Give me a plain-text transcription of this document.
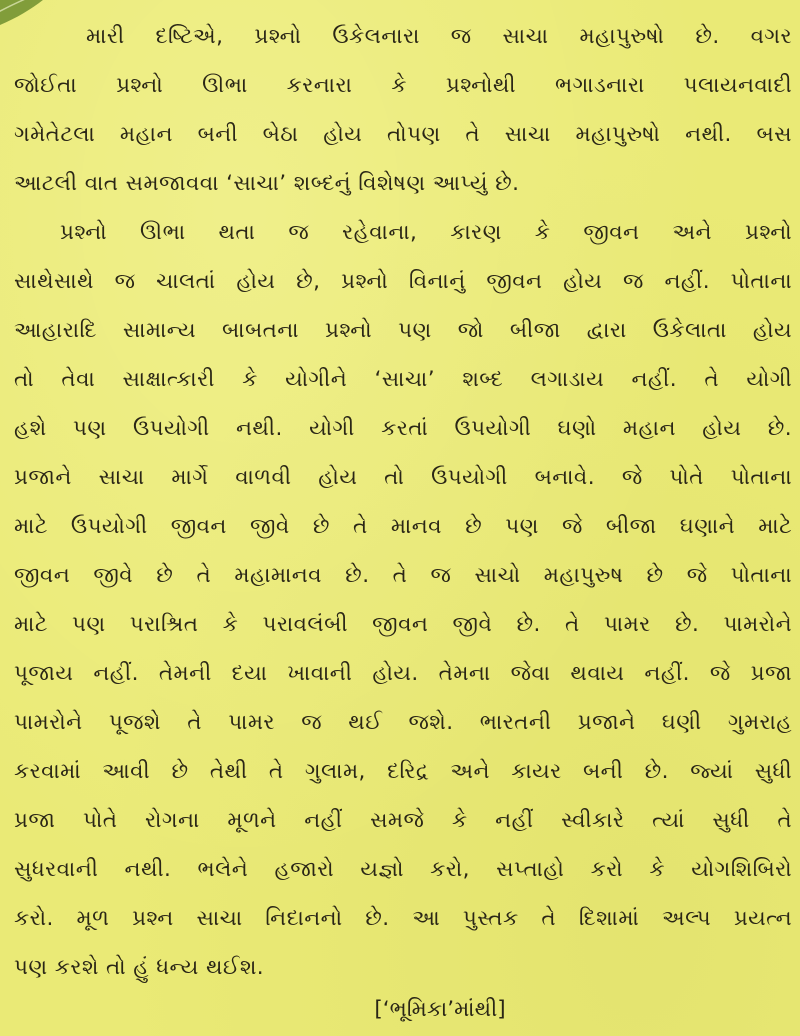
મારી દષ્ટિએ, પ્રશ્નો ઉકેલનારા જ સાચા મહાપુરુષો છે. વગર
જોઈતા પ્રશ્નો ઊભા કરનારા કે પ્રશ્નોથી ભગાડનારા પલાયનવાદી
ગમેતેટલા મહાન બની બેઠા હોય તોપણ તે સાચા મહાપુરુષો નથી. બસ
આટલી વાત સમજાવવા ‘સાચા’ શબ્દનું વિશેષણ આપ્યું છે.
પ્રશ્નો ઊભા થતા જ રહેવાના, કારણ કે જીવન અને પ્રશ્નો
સાથેસાથે જ ચાલતાં હોય છે, પ્રશ્નો વિનાનું જીવન હોય જ નહીં. પોતાના
આહારાદિ સામાન્ય બાબતના પ્રશ્નો પણ જો બીજા દ્વારા ઉકેલાતા હોય
તો તેવા સાક્ષાત્કારી કે યોગીને ‘સાચા’ શબ્દ લગાડાય નહીં. તે યોગી
હશે પણ ઉપયોગી નથી. યોગી કરતાં ઉપયોગી ઘણો મહાન હોય છે.
પ્રજાને સાચા માર્ગે વાળવી હોય તો ઉપયોગી બનાવે. જે પોતે પોતાના
માટે ઉપયોગી જીવન જીવે છે તે માનવ છે પણ જે બીજા ઘણાને માટે
જીવન જીવે છે તે મહામાનવ છે. તે જ સાચો મહાપુરુષ છે જે પોતાના
માટે પણ પરાશ્રિત કે પરાવલંબી જીવન જીવે છે. તે પામર છે. પામરોને
પૂજાય નહીં. તેમની દયા ખાવાની હોય. તેમના જેવા થવાય નહીં. જે પ્રજા
પામરોને પૂજશે તે પામર જ થઈ જશે. ભારતની પ્રજાને ઘણી ગુમરાહ
કરવામાં આવી છે તેથી તે ગુલામ, દરિદ્ર અને કાયર બની છે. જ્યાં સુધી
પ્રજા પોતે રોગના મૂળને નહીં સમજે કે નહીં સ્વીકારે ત્યાં સુધી તે
સુધરવાની નથી. ભલેને હજારો યજ્ઞો કરો, સપ્તાહો કરો કે યોગશિબિરો
કરો. મૂળ પ્રશ્ન સાચા નિદાનનો છે. આ પુસ્તક તે દિશામાં અલ્પ પ્રયત્ન
પણ કરશે તો હું ધન્ય થઈશ.
[‘ભૂમિકા’માંથી]
